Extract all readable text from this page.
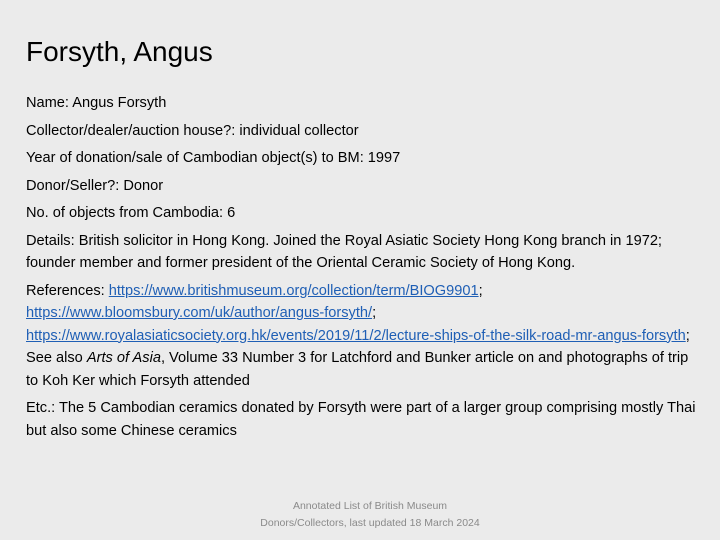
Forsyth, Angus

Name: Angus Forsyth

Collector/dealer/auction house?: individual collector

Year of donation/sale of Cambodian object(s) to BM: 1997

Donor/Seller?: Donor

No. of objects from Cambodia: 6

Details: British solicitor in Hong Kong. Joined the Royal Asiatic Society Hong Kong branch in 1972; founder member and former president of the Oriental Ceramic Society of Hong Kong.

References: https://www.britishmuseum.org/collection/term/BIOG9901; https://www.bloomsbury.com/uk/author/angus-forsyth/; https://www.royalasiaticsociety.org.hk/events/2019/11/2/lecture-ships-of-the-silk-road-mr-angus-forsyth; See also Arts of Asia, Volume 33 Number 3 for Latchford and Bunker article on and photographs of trip to Koh Ker which Forsyth attended

Etc.: The 5 Cambodian ceramics donated by Forsyth were part of a larger group comprising mostly Thai but also some Chinese ceramics

Annotated List of British Museum
Donors/Collectors, last updated 18 March 2024
